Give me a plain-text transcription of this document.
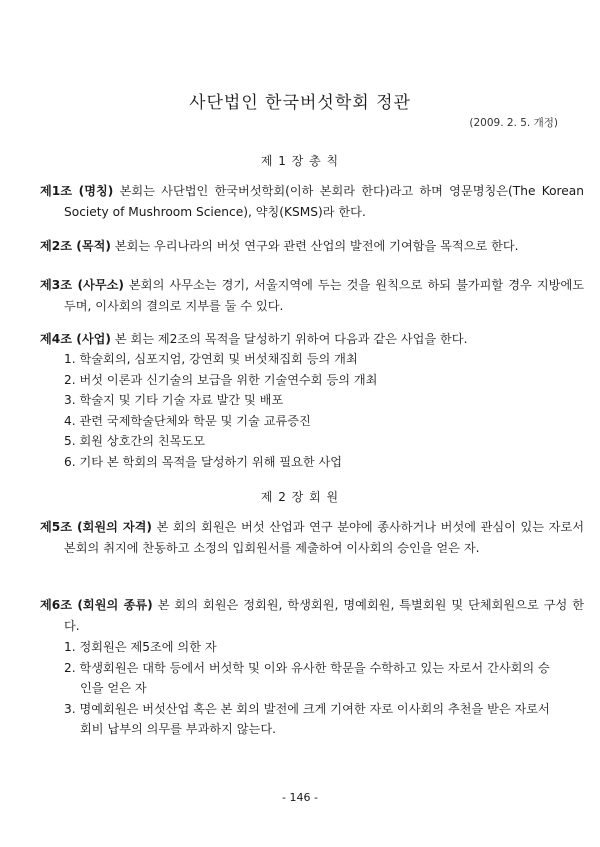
사단법인 한국버섯학회 정관
(2009. 2. 5. 개정)
제 1 장 총 칙
제1조 (명칭) 본회는 사단법인 한국버섯학회(이하 본회라 한다)라고 하며 영문명칭은(The Korean Society of Mushroom Science), 약칭(KSMS)라 한다.
제2조 (목적) 본회는 우리나라의 버섯 연구와 관련 산업의 발전에 기여함을 목적으로 한다.
제3조 (사무소) 본회의 사무소는 경기, 서울지역에 두는 것을 원칙으로 하되 불가피할 경우 지방에도 두며, 이사회의 결의로 지부를 둘 수 있다.
제4조 (사업) 본 회는 제2조의 목적을 달성하기 위하여 다음과 같은 사업을 한다.
1. 학술회의, 심포지엄, 강연회 및 버섯채집회 등의 개최
2. 버섯 이론과 신기술의 보급을 위한 기술연수회 등의 개최
3. 학술지 및 기타 기술 자료 발간 및 배포
4. 관련 국제학술단체와 학문 및 기술 교류증진
5. 회원 상호간의 친목도모
6. 기타 본 학회의 목적을 달성하기 위해 필요한 사업
제 2 장 회 원
제5조 (회원의 자격) 본 회의 회원은 버섯 산업과 연구 분야에 종사하거나 버섯에 관심이 있는 자로서 본회의 취지에 찬동하고 소정의 입회원서를 제출하여 이사회의 승인을 얻은 자.
제6조 (회원의 종류) 본 회의 회원은 정회원, 학생회원, 명예회원, 특별회원 및 단체회원으로 구성 한다.
1. 정회원은 제5조에 의한 자
2. 학생회원은 대학 등에서 버섯학 및 이와 유사한 학문을 수학하고 있는 자로서 간사회의 승인을 얻은 자
3. 명예회원은 버섯산업 혹은 본 회의 발전에 크게 기여한 자로 이사회의 추천을 받은 자로서 회비 납부의 의무를 부과하지 않는다.
- 146 -
